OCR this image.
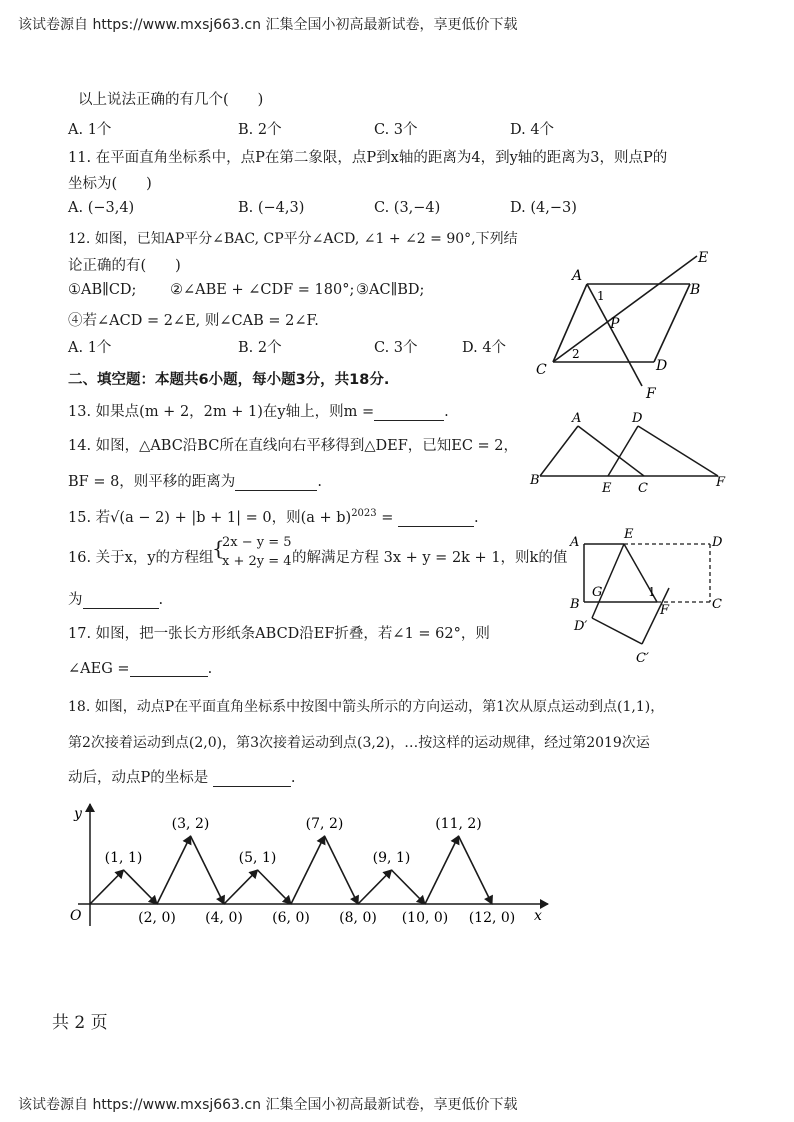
该试卷源自 https://www.mxsj663.cn 汇集全国小初高最新试卷，享更低价下载
以上说法正确的有几个(　　)
A. 1个	B. 2个	C. 3个	D. 4个
11. 在平面直角坐标系中，点P在第二象限，点P到x轴的距离为4，到y轴的距离为3，则点P的
坐标为(　　)
A. (−3,4)	B. (−4,3)	C. (3,−4)	D. (4,−3)
12. 如图，已知AP平分∠BAC, CP平分∠ACD, ∠1 + ∠2 = 90°,下列结
论正确的有(　　)
①AB∥CD; ②∠ABE + ∠CDF = 180°; ③AC∥BD;
④若∠ACD = 2∠E, 则∠CAB = 2∠F.
A. 1个	B. 2个	C. 3个	D. 4个
A
E
B
P
C	D
F
1
2
二、填空题：本题共6小题，每小题3分，共18分.
13. 如果点(m + 2，2m + 1)在y轴上，则m =	.
14. 如图，△ABC沿BC所在直线向右平移得到△DEF，已知EC = 2，
BF = 8，则平移的距离为	.
A	D
B
E C	F
15. 若√(a − 2) + |b + 1| = 0，则$(a + b)^{2023}$ =	.
16. 关于x，y的方程组
{
2x − y = 5
x + 2y = 4 的解满足方程 3x + y = 2k + 1，则k的值
为	.
A
E
D
B
G	1
F	C
D′
C′
17. 如图，把一张长方形纸条ABCD沿EF折叠，若∠1 = 62°，则
∠AEG =	.
18. 如图，动点P在平面直角坐标系中按图中箭头所示的方向运动，第1次从原点运动到点(1,1)，
第2次接着运动到点(2,0)，第3次接着运动到点(3,2)，…按这样的运动规律，经过第2019次运
动后，动点P的坐标是	.
x
y
O
(1, 1)
(2, 0)
(3, 2)
(4, 0)
(5, 1)
(6, 0)
(7, 2)
(8, 0)
(9, 1)
(10, 0)
(11, 2)
(12, 0)
共 2 页
该试卷源自 https://www.mxsj663.cn 汇集全国小初高最新试卷，享更低价下载
